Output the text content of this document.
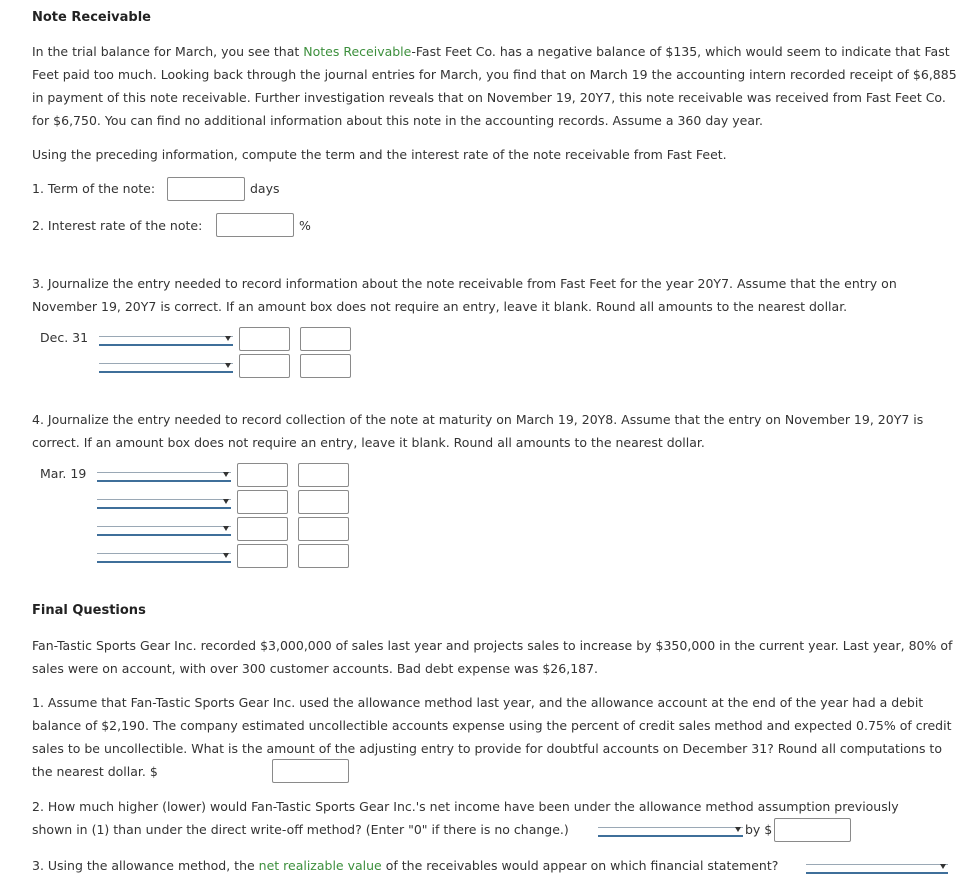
Note Receivable
In the trial balance for March, you see that Notes Receivable-Fast Feet Co. has a negative balance of $135, which would seem to indicate that Fast Feet paid too much. Looking back through the journal entries for March, you find that on March 19 the accounting intern recorded receipt of $6,885 in payment of this note receivable. Further investigation reveals that on November 19, 20Y7, this note receivable was received from Fast Feet Co. for $6,750. You can find no additional information about this note in the accounting records. Assume a 360 day year.
Using the preceding information, compute the term and the interest rate of the note receivable from Fast Feet.
1. Term of the note:	days
2. Interest rate of the note:	%
3. Journalize the entry needed to record information about the note receivable from Fast Feet for the year 20Y7. Assume that the entry on November 19, 20Y7 is correct. If an amount box does not require an entry, leave it blank. Round all amounts to the nearest dollar.
Dec. 31
4. Journalize the entry needed to record collection of the note at maturity on March 19, 20Y8. Assume that the entry on November 19, 20Y7 is correct. If an amount box does not require an entry, leave it blank. Round all amounts to the nearest dollar.
Mar. 19
Final Questions
Fan-Tastic Sports Gear Inc. recorded $3,000,000 of sales last year and projects sales to increase by $350,000 in the current year. Last year, 80% of sales were on account, with over 300 customer accounts. Bad debt expense was $26,187.
1. Assume that Fan-Tastic Sports Gear Inc. used the allowance method last year, and the allowance account at the end of the year had a debit balance of $2,190. The company estimated uncollectible accounts expense using the percent of credit sales method and expected 0.75% of credit sales to be uncollectible. What is the amount of the adjusting entry to provide for doubtful accounts on December 31? Round all computations to the nearest dollar. $
2. How much higher (lower) would Fan-Tastic Sports Gear Inc.'s net income have been under the allowance method assumption previously shown in (1) than under the direct write-off method? (Enter "0" if there is no change.)	by $
3. Using the allowance method, the net realizable value of the receivables would appear on which financial statement?
